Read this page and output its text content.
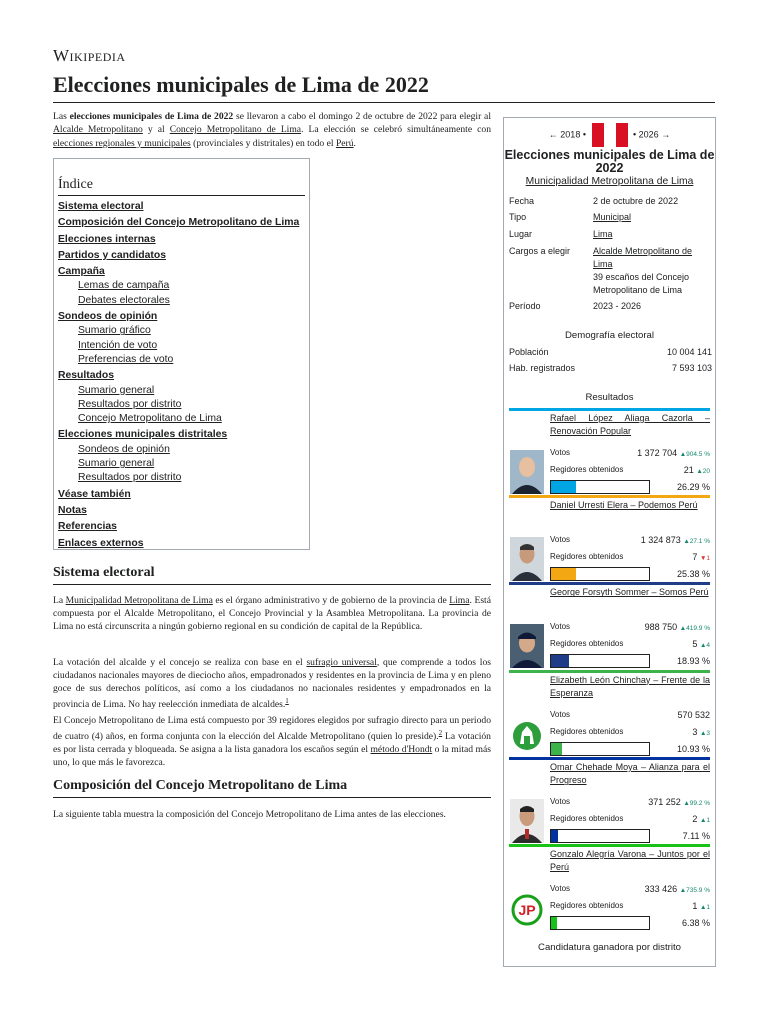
Wikipedia
Elecciones municipales de Lima de 2022

Las elecciones municipales de Lima de 2022 se llevaron a cabo el domingo 2 de octubre de 2022 para elegir al Alcalde Metropolitano y al Concejo Metropolitano de Lima. La elección se celebró simultáneamente con elecciones regionales y municipales (provinciales y distritales) en todo el Perú.

Índice
Sistema electoral
Composición del Concejo Metropolitano de Lima
Elecciones internas
Partidos y candidatos
Campaña
Lemas de campaña
Debates electorales
Sondeos de opinión
Sumario gráfico
Intención de voto
Preferencias de voto
Resultados
Sumario general
Resultados por distrito
Concejo Metropolitano de Lima
Elecciones municipales distritales
Sondeos de opinión
Sumario general
Resultados por distrito
Véase también
Notas
Referencias
Enlaces externos
Sistema electoral

La Municipalidad Metropolitana de Lima es el órgano administrativo y de gobierno de la provincia de Lima. Está compuesta por el Alcalde Metropolitano, el Concejo Provincial y la Asamblea Metropolitana. La provincia de Lima no está circunscrita a ningún gobierno regional en su condición de capital de la República.

La votación del alcalde y el concejo se realiza con base en el sufragio universal, que comprende a todos los ciudadanos nacionales mayores de dieciocho años, empadronados y residentes en la provincia de Lima y en pleno goce de sus derechos políticos, así como a los ciudadanos no nacionales residentes y empadronados en la provincia de Lima. No hay reelección inmediata de alcaldes.$^1$

El Concejo Metropolitano de Lima está compuesto por 39 regidores elegidos por sufragio directo para un periodo de cuatro (4) años, en forma conjunta con la elección del Alcalde Metropolitano (quien lo preside).$^2$ La votación es por lista cerrada y bloqueada. Se asigna a la lista ganadora los escaños según el método d'Hondt o la mitad más uno, lo que más le favorezca.

Composición del Concejo Metropolitano de Lima

La siguiente tabla muestra la composición del Concejo Metropolitano de Lima antes de las elecciones.

← 2018 •	• 2026 →
Elecciones municipales de Lima de 2022
Municipalidad Metropolitana de Lima
Fecha	2 de octubre de 2022
Tipo	Municipal
Lugar	Lima
Cargos a elegir	Alcalde Metropolitano de Lima
39 escaños del Concejo Metropolitano de Lima
Período	2023 - 2026
Demografía electoral
Población	10 004 141
Hab. registrados	7 593 103
Resultados
Rafael López Aliaga Cazorla – Renovación Popular
Votos	1 372 704 ▲904.5 %
Regidores obtenidos	21 ▲20
26.29 %
Daniel Urresti Elera – Podemos Perú
Votos	1 324 873 ▲27.1 %
Regidores obtenidos	7 ▼1
25.38 %
George Forsyth Sommer – Somos Perú
Votos	988 750 ▲419.9 %
Regidores obtenidos	5 ▲4
18.93 %
Elizabeth León Chinchay – Frente de la Esperanza
Votos	570 532
Regidores obtenidos	3 ▲3
10.93 %
Omar Chehade Moya – Alianza para el Progreso
Votos	371 252 ▲99.2 %
Regidores obtenidos	2 ▲1
7.11 %
Gonzalo Alegría Varona – Juntos por el Perú
JP
Votos	333 426 ▲735.9 %
Regidores obtenidos	1 ▲1
6.38 %
Candidatura ganadora por distrito
